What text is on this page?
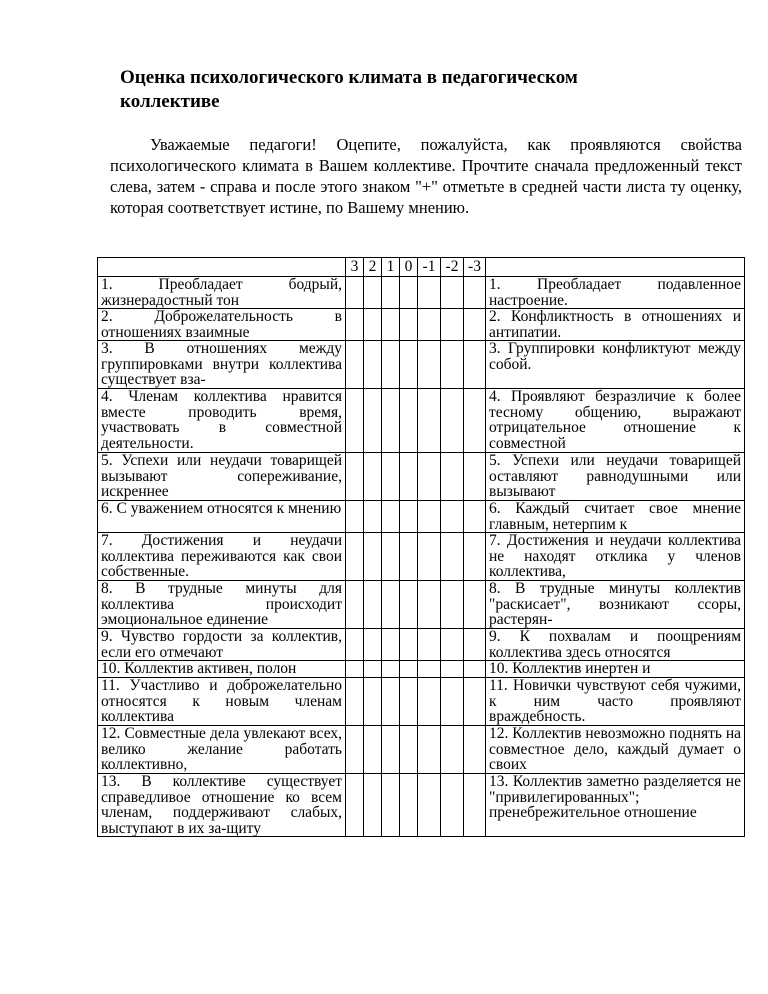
Оценка психологического климата в педагогическом коллективе

Уважаемые педагоги! Оцепите, пожалуйста, как проявляются свойства психологического климата в Вашем коллективе. Прочтите сначала предложенный текст слева, затем - справа и после этого знаком "+" отметьте в средней части листа ту оценку, которая соответствует истине, по Вашему мнению.

	3	2	1	0	-1	-2	-3	

1. Преобладает бодрый, жизнерадостный тон								1. Преобладает подавленное настроение.

2. Доброжелательность в отношениях взаимные								2. Конфликтность в отношениях и антипатии.

3. В отношениях между группировками внутри коллектива существует вза-								3. Группировки конфликтуют между собой.

4. Членам коллектива нравится вместе проводить время, участвовать в совместной деятельности.								4. Проявляют безразличие к более тесному общению, выражают отрицательное отношение к совместной

5. Успехи или неудачи товарищей вызывают сопереживание, искреннее								5. Успехи или неудачи товарищей оставляют равнодушными или вызывают

6. С уважением относятся к мнению								6. Каждый считает свое мнение главным, нетерпим к

7. Достижения и неудачи коллектива переживаются как свои собственные.								7. Достижения и неудачи коллектива не находят отклика у членов коллектива,

8. В трудные минуты для коллектива происходит эмоциональное единение								8. В трудные минуты коллектив "раскисает", возникают ссоры, растерян-

9. Чувство гордости за коллектив, если его отмечают								9. К похвалам и поощрениям коллектива здесь относятся

10. Коллектив активен, полон								10. Коллектив инертен и

11. Участливо и доброжелательно относятся к новым членам коллектива								11. Новички чувствуют себя чужими, к ним часто проявляют враждебность.

12. Совместные дела увлекают всех, велико желание работать коллективно,								12. Коллектив невозможно поднять на совместное дело, каждый думает о своих

13. В коллективе существует справедливое отношение ко всем членам, поддерживают слабых, выступают в их за-щиту								13. Коллектив заметно разделяется не "привилегированных"; пренебрежительное отношение
